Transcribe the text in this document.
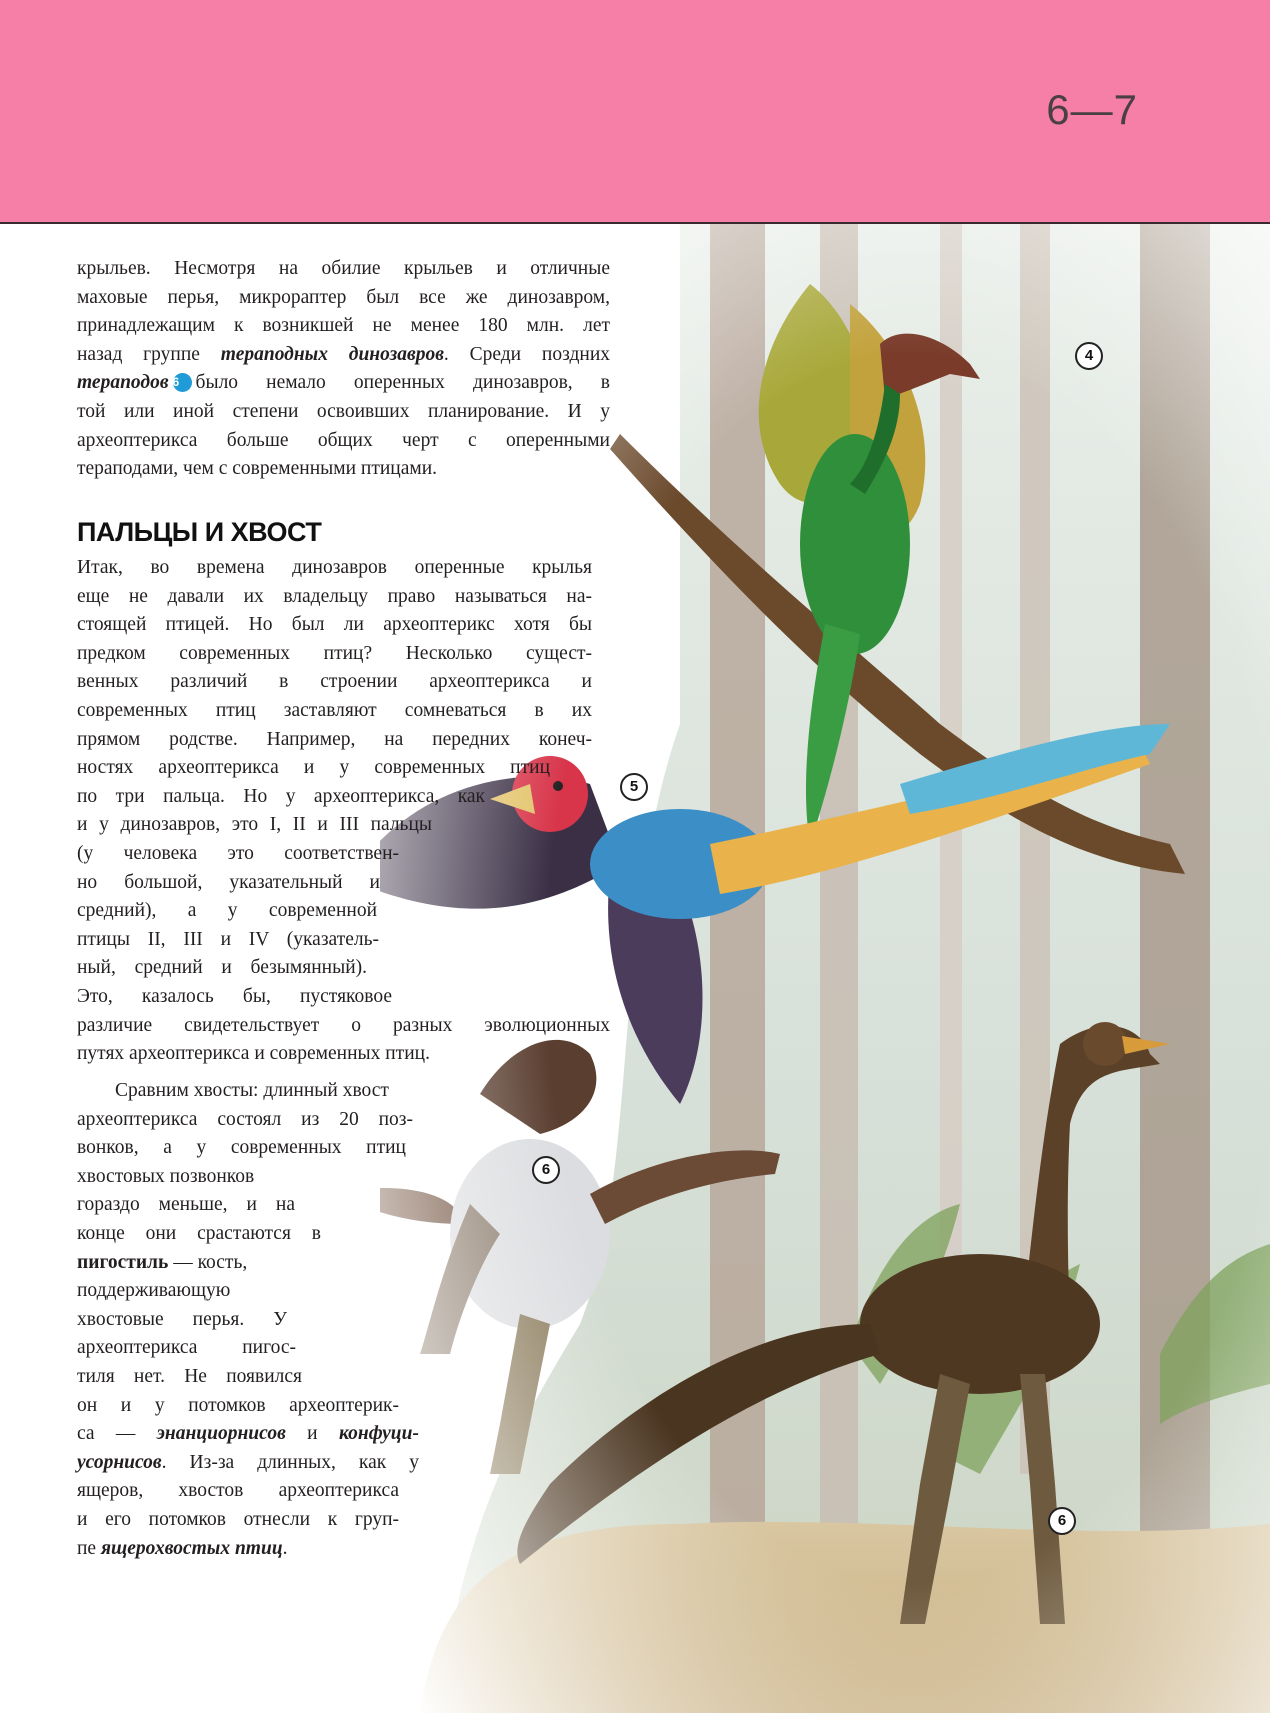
6—7
4
5
6
6
крыльев. Несмотря на обилие крыльев и отличные
маховые перья, микрораптер был все же динозавром,
принадлежащим к возникшей не менее 180 млн. лет
назад группе терaподных динозавров. Среди поздних
терaподов 6 было немало оперенных динозавров, в
той или иной степени освоивших планирование. И у
археоптерикса больше общих черт с оперенными
тераподами, чем с современными птицами.
ПАЛЬЦЫ И ХВОСТ
Итак, во времена динозавров оперенные крылья
еще не давали их владельцу право называться на-
стоящей птицей. Но был ли археоптерикс хотя бы
предком современных птиц? Несколько сущест-
венных различий в строении археоптерикса и
современных птиц заставляют сомневаться в их
прямом родстве. Например, на передних конеч-
ностях археоптерикса и у современных птиц
по три пальца. Но у археоптерикса, как
и у динозавров, это I, II и III пальцы
(у человека это соответствен-
но большой, указательный и
средний), а у современной
птицы II, III и IV (указатель-
ный, средний и безымянный).
Это, казалось бы, пустяковое
различие свидетельствует о разных эволюционных
путях археоптерикса и современных птиц.
Сравним хвосты: длинный хвост
археоптерикса состоял из 20 поз-
вонков, а у современных птиц
хвостовых позвонков
гораздо меньше, и на
конце они срастаются в
пигостиль — кость,
поддерживающую
хвостовые перья. У
археоптерикса пигос-
тиля нет. Не появился
он и у потомков археоптерик-
са — энанциорнисов и конфуци-
усорнисов. Из-за длинных, как у
ящеров, хвостов археоптерикса
и его потомков отнесли к груп-
пе ящерохвостых птиц.
